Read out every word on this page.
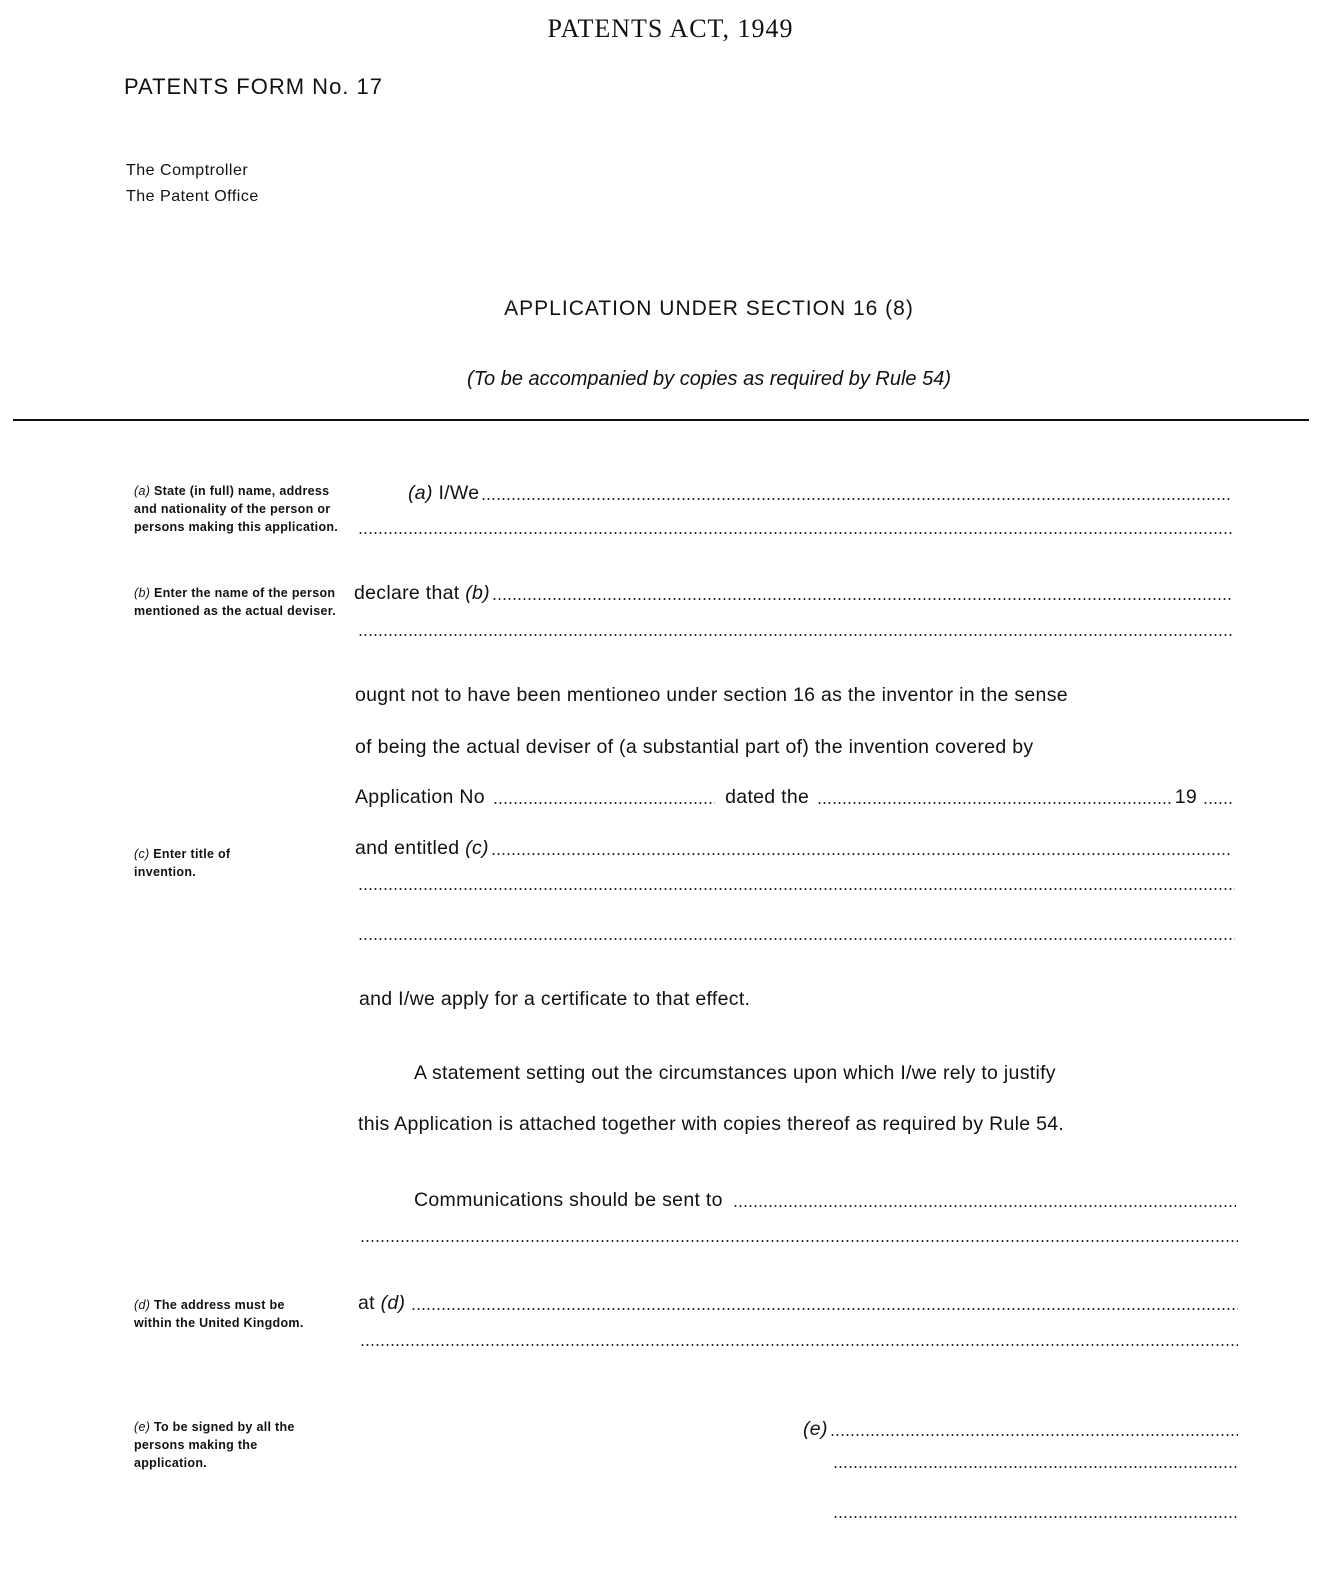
PATENTS ACT, 1949
PATENTS FORM No. 17
The Comptroller
The Patent Office
APPLICATION UNDER SECTION 16 (8)
(To be accompanied by copies as required by Rule 54)
(a) State (in full) name, address and nationality of the person or persons making this application.
(b) Enter the name of the person mentioned as the actual deviser.
(c) Enter title of invention.
(d) The address must be within the United Kingdom.
(e) To be signed by all the persons making the application.
(a) I/We
declare that (b)
ougnt not to have been mentioneo under section 16 as the inventor in the sense
of being the actual deviser of (a substantial part of) the invention covered by
Application No	dated the	19
and entitled (c)
and I/we apply for a certificate to that effect.
A statement setting out the circumstances upon which I/we rely to justify
this Application is attached together with copies thereof as required by Rule 54.
Communications should be sent to
at (d)
(e)
